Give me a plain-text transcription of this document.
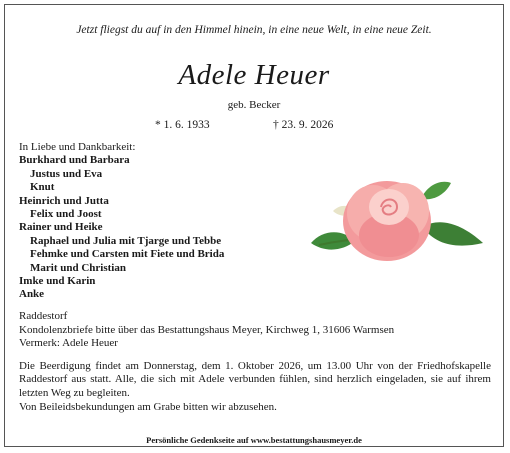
Jetzt fliegst du auf in den Himmel hinein, in eine neue Welt, in eine neue Zeit.
Adele Heuer
geb. Becker
* 1. 6. 1933	† 23. 9. 2026
In Liebe und Dankbarkeit:
Burkhard und Barbara
Justus und Eva
Knut
Heinrich und Jutta
Felix und Joost
Rainer und Heike
Raphael und Julia mit Tjarge und Tebbe
Fehmke und Carsten mit Fiete und Brida
Marit und Christian
Imke und Karin
Anke

Raddestorf

Kondolenzbriefe bitte über das Bestattungshaus Meyer, Kirchweg 1, 31606 Warmsen

Vermerk: Adele Heuer

Die Beerdigung findet am Donnerstag, dem 1. Oktober 2026, um 13.00 Uhr von der Friedhofskapelle Raddestorf aus statt. Alle, die sich mit Adele verbunden fühlen, sind herzlich eingeladen, sie auf ihrem letzten Weg zu begleiten.

Von Beileidsbekundungen am Grabe bitten wir abzusehen.

Persönliche Gedenkseite auf www.bestattungshausmeyer.de
